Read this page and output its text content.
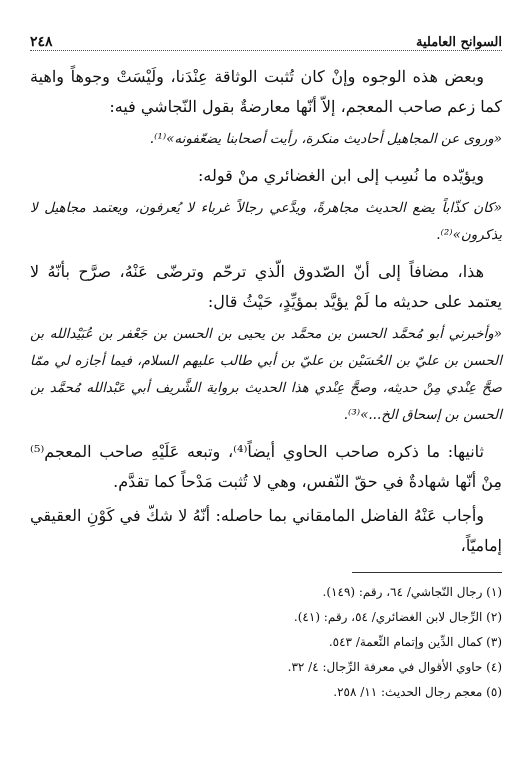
٢٤٨	السوانح العاملية

وبعض هذه الوجوه وإنْ كان تُثبت الوثاقة عِنْدَنا، ولَيْسَتْ وجوهاً واهية كما زعم صاحب المعجم، إلاّ أنّها معارضةٌ بقول النّجاشي فيه:

«وروى عن المجاهيل أحاديث منكرة، رأيت أصحابنا يضعّفونه»⁽¹⁾.

ويؤيّده ما نُسِب إلى ابن الغضائري منْ قوله:

«كان كذّاباً يضع الحديث مجاهرةً، ويدَّعي رجالاً غرباء لا يُعرفون، ويعتمد مجاهيل لا يذكرون»⁽²⁾.

هذا، مضافاً إلى أنّ الصّدوق الّذي ترحّم وترضّى عَنْهُ، صرَّح بأنّهُ لا يعتمد على حديثه ما لَمْ يؤيَّد بمؤيِّدٍ، حَيْثُ قال:

«وأخبرني أبو مُحمَّد الحسن بن محمَّد بن يحيى بن الحسن بن جَعْفر بن عُبَيْدالله بن الحسن بن عليّ بن الحُسَيْن بن عليّ بن أبي طالب عليهم السلام، فيما أجازه لي ممّا صحَّ عِنْدي مِنْ حديثه، وصحَّ عِنْدي هذا الحديث برواية الشَّريف أبي عَبْدالله مُحمَّد بن الحسن بن إسحاق الخ...»⁽³⁾.

ثانيها: ما ذكره صاحب الحاوي أيضاً⁽⁴⁾، وتبعه عَلَيْهِ صاحب المعجم⁽⁵⁾ مِنْ أنّها شهادةٌ في حقّ النّفس، وهي لا تُثبت مَدْحاً كما تقدَّم.

وأجاب عَنْهُ الفاضل المامقاني بما حاصله: أنّهُ لا شكّ في كَوْنِ العقيقي إماميّاً،

(١) رجال النّجاشي/ ٦٤، رقم: (١٤٩).

(٢) الرِّجال لابن الغضائري/ ٥٤، رقم: (٤١).

(٣) كمال الدِّين وإتمام النِّعمة/ ٥٤٣.

(٤) حاوي الأقوال في معرفة الرِّجال: ٤/ ٣٢.

(٥) معجم رجال الحديث: ١١/ ٢٥٨.
